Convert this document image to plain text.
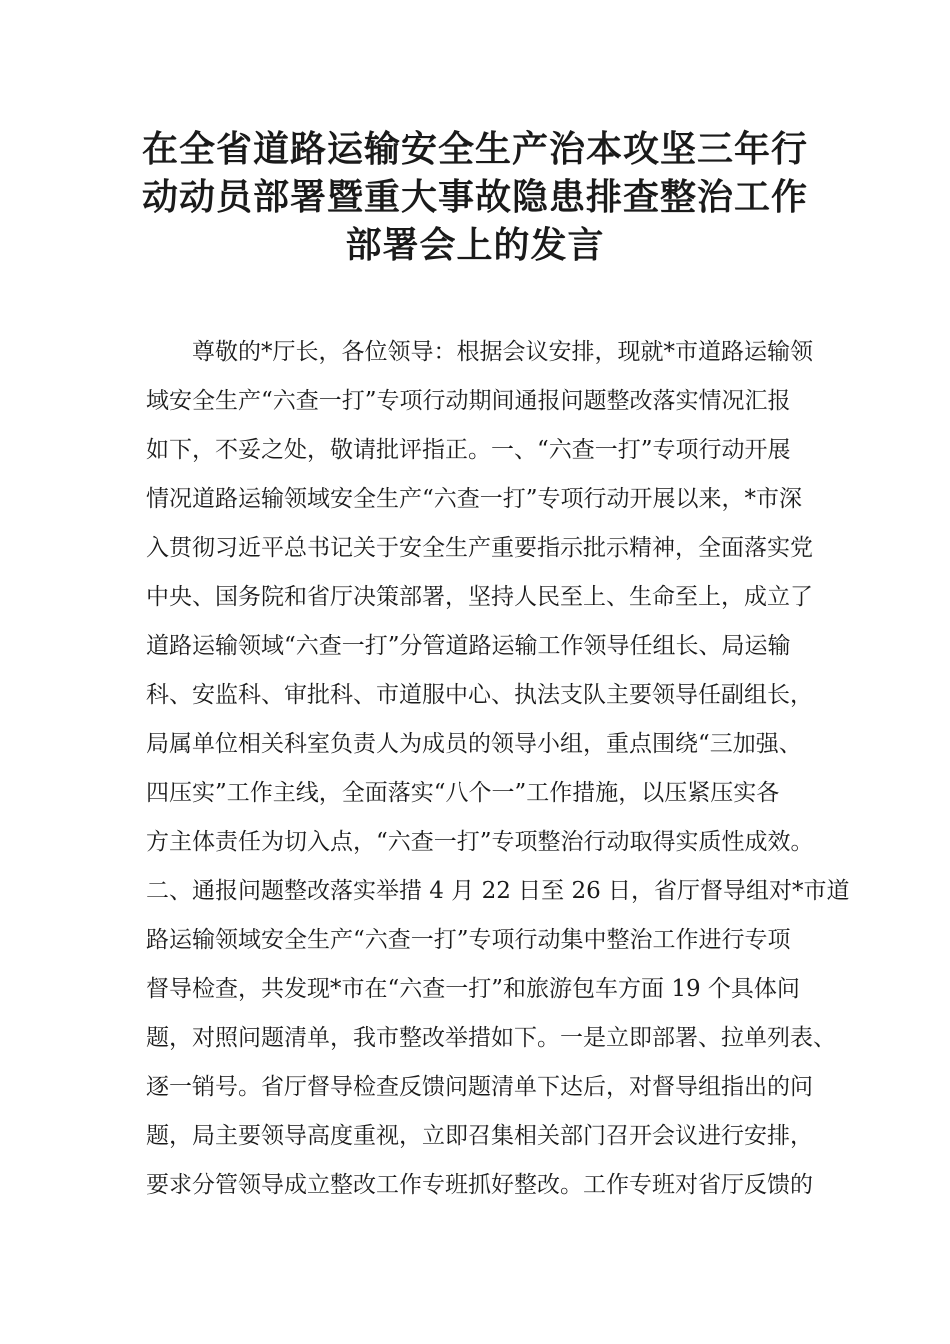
在全省道路运输安全生产治本攻坚三年行
动动员部署暨重大事故隐患排查整治工作
部署会上的发言
尊敬的*厅长，各位领导：根据会议安排，现就*市道路运输领
域安全生产“六查一打”专项行动期间通报问题整改落实情况汇报
如下，不妥之处，敬请批评指正。一、“六查一打”专项行动开展
情况道路运输领域安全生产“六查一打”专项行动开展以来，*市深
入贯彻习近平总书记关于安全生产重要指示批示精神，全面落实党
中央、国务院和省厅决策部署，坚持人民至上、生命至上，成立了
道路运输领域“六查一打”分管道路运输工作领导任组长、局运输
科、安监科、审批科、市道服中心、执法支队主要领导任副组长，
局属单位相关科室负责人为成员的领导小组，重点围绕“三加强、
四压实”工作主线，全面落实“八个一”工作措施，以压紧压实各
方主体责任为切入点，“六查一打”专项整治行动取得实质性成效。
二、通报问题整改落实举措 4 月 22 日至 26 日，省厅督导组对*市道
路运输领域安全生产“六查一打”专项行动集中整治工作进行专项
督导检查，共发现*市在“六查一打”和旅游包车方面 19 个具体问
题，对照问题清单，我市整改举措如下。一是立即部署、拉单列表、
逐一销号。省厅督导检查反馈问题清单下达后，对督导组指出的问
题，局主要领导高度重视，立即召集相关部门召开会议进行安排，
要求分管领导成立整改工作专班抓好整改。工作专班对省厅反馈的
